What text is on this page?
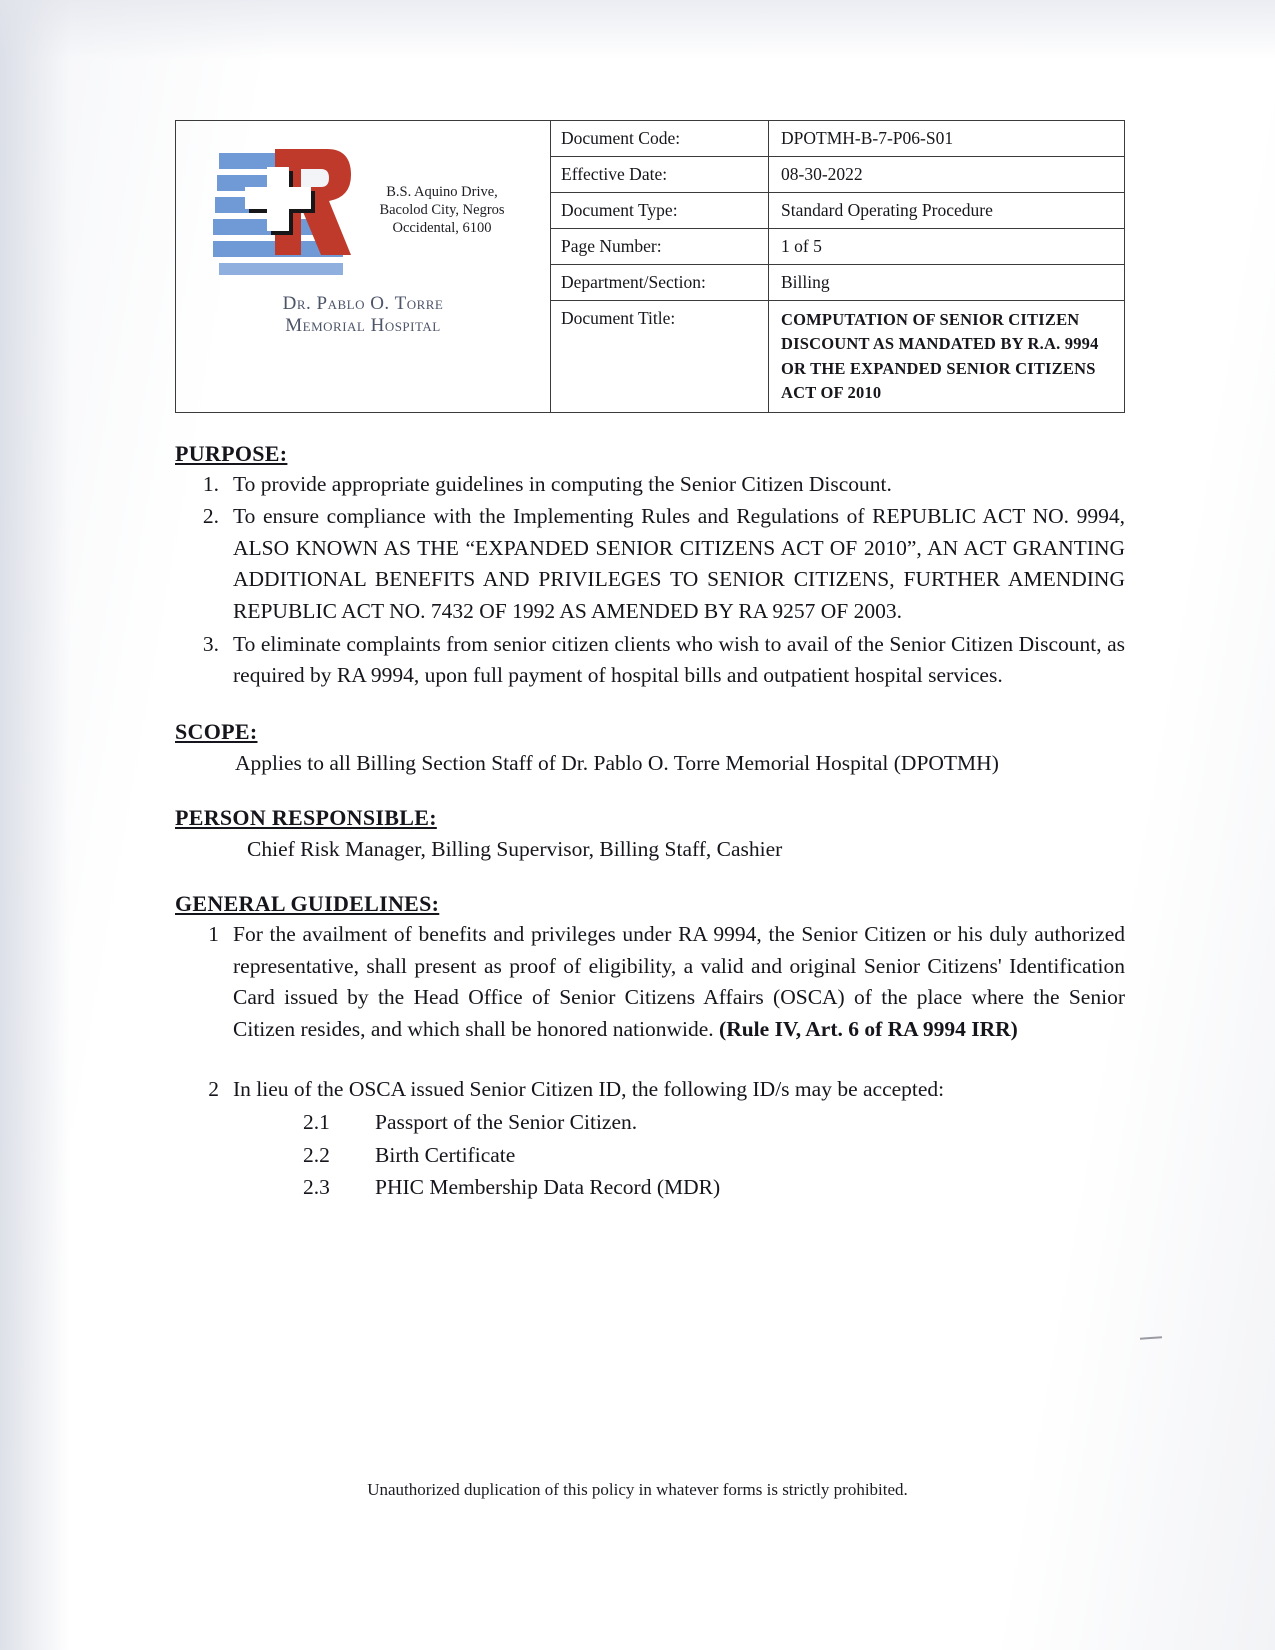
B.S. Aquino Drive, Bacolod City, Negros Occidental, 6100
Dr. Pablo O. Torre
Memorial Hospital
Document Code:	DPOTMH-B-7-P06-S01
Effective Date:	08-30-2022
Document Type:	Standard Operating Procedure
Page Number:	1 of 5
Department/Section:	Billing
Document Title:	COMPUTATION OF SENIOR CITIZEN DISCOUNT AS MANDATED BY R.A. 9994 OR THE EXPANDED SENIOR CITIZENS ACT OF 2010
PURPOSE:
1. To provide appropriate guidelines in computing the Senior Citizen Discount.
2. To ensure compliance with the Implementing Rules and Regulations of REPUBLIC ACT NO. 9994, ALSO KNOWN AS THE “EXPANDED SENIOR CITIZENS ACT OF 2010”, AN ACT GRANTING ADDITIONAL BENEFITS AND PRIVILEGES TO SENIOR CITIZENS, FURTHER AMENDING REPUBLIC ACT NO. 7432 OF 1992 AS AMENDED BY RA 9257 OF 2003.
3. To eliminate complaints from senior citizen clients who wish to avail of the Senior Citizen Discount, as required by RA 9994, upon full payment of hospital bills and outpatient hospital services.
SCOPE:
Applies to all Billing Section Staff of Dr. Pablo O. Torre Memorial Hospital (DPOTMH)
PERSON RESPONSIBLE:
Chief Risk Manager, Billing Supervisor, Billing Staff, Cashier
GENERAL GUIDELINES:
1 For the availment of benefits and privileges under RA 9994, the Senior Citizen or his duly authorized representative, shall present as proof of eligibility, a valid and original Senior Citizens' Identification Card issued by the Head Office of Senior Citizens Affairs (OSCA) of the place where the Senior Citizen resides, and which shall be honored nationwide. (Rule IV, Art. 6 of RA 9994 IRR)
2 In lieu of the OSCA issued Senior Citizen ID, the following ID/s may be accepted:
2.1	Passport of the Senior Citizen.
2.2	Birth Certificate
2.3	PHIC Membership Data Record (MDR)
Unauthorized duplication of this policy in whatever forms is strictly prohibited.
